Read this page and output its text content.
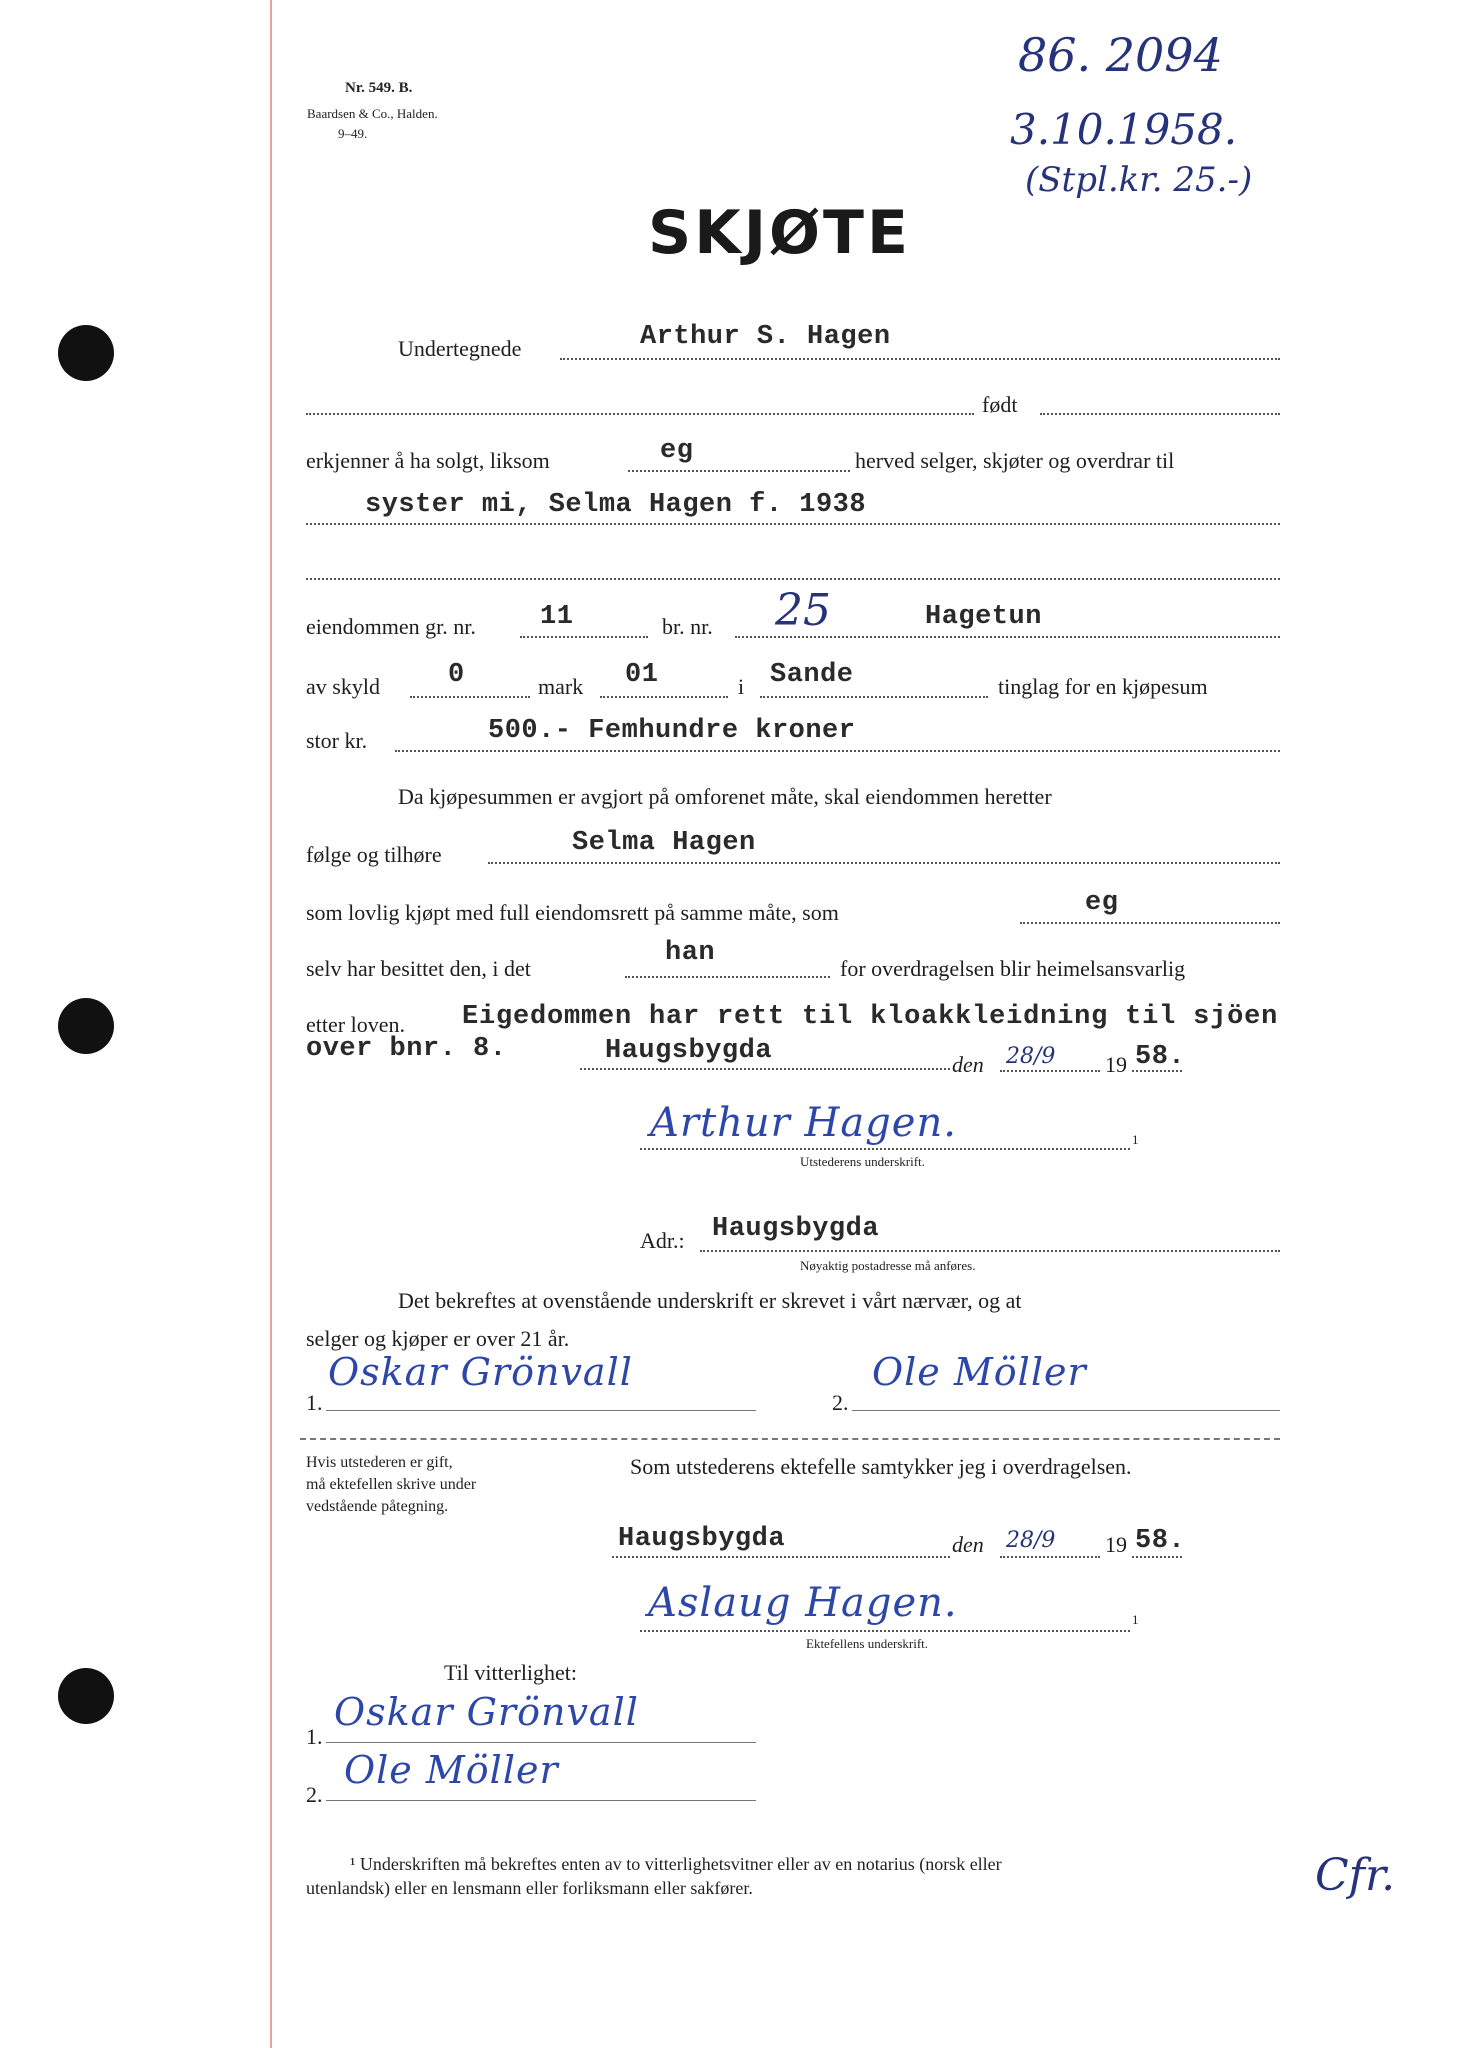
Nr. 549. B.
Baardsen & Co., Halden.
9–49.
86. 2094
3.10.1958.
(Stpl.kr. 25.-)
SKJØTE
Undertegnede	Arthur S. Hagen
født
erkjenner å ha solgt, liksom	eg	herved selger, skjøter og overdrar til
syster mi, Selma Hagen f. 1938
eiendommen gr. nr. 11	br. nr. 25	Hagetun
av skyld	0	mark 01	i Sande	tinglag for en kjøpesum
stor kr.	500.- Femhundre kroner
Da kjøpesummen er avgjort på omforenet måte, skal eiendommen heretter
følge og tilhøre	Selma Hagen
som lovlig kjøpt med full eiendomsrett på samme måte, som	eg
selv har besittet den, i det
han
for overdragelsen blir heimelsansvarlig
etter loven. Eigedommen har rett til kloakkleidning til sjöen
over bnr. 8.	Haugsbygda	den 28/9 19 58.
Arthur Hagen.	1
Utstederens underskrift.
Adr.: Haugsbygda
Nøyaktig postadresse må anføres.
Det bekreftes at ovenstående underskrift er skrevet i vårt nærvær, og at
selger og kjøper er over 21 år.
1.
Oskar Grönvall
2.
Ole Möller
Hvis utstederen er gift,
må ektefellen skrive under
vedstående påtegning.
Som utstederens ektefelle samtykker jeg i overdragelsen.
Haugsbygda	den 28/9 19 58.
Aslaug Hagen.	1
Ektefellens underskrift.
Til vitterlighet:
1.
Oskar Grönvall
2.
Ole Möller
¹ Underskriften må bekreftes enten av to vitterlighetsvitner eller av en notarius (norsk eller
utenlandsk) eller en lensmann eller forliksmann eller sakfører.	Cfr.
